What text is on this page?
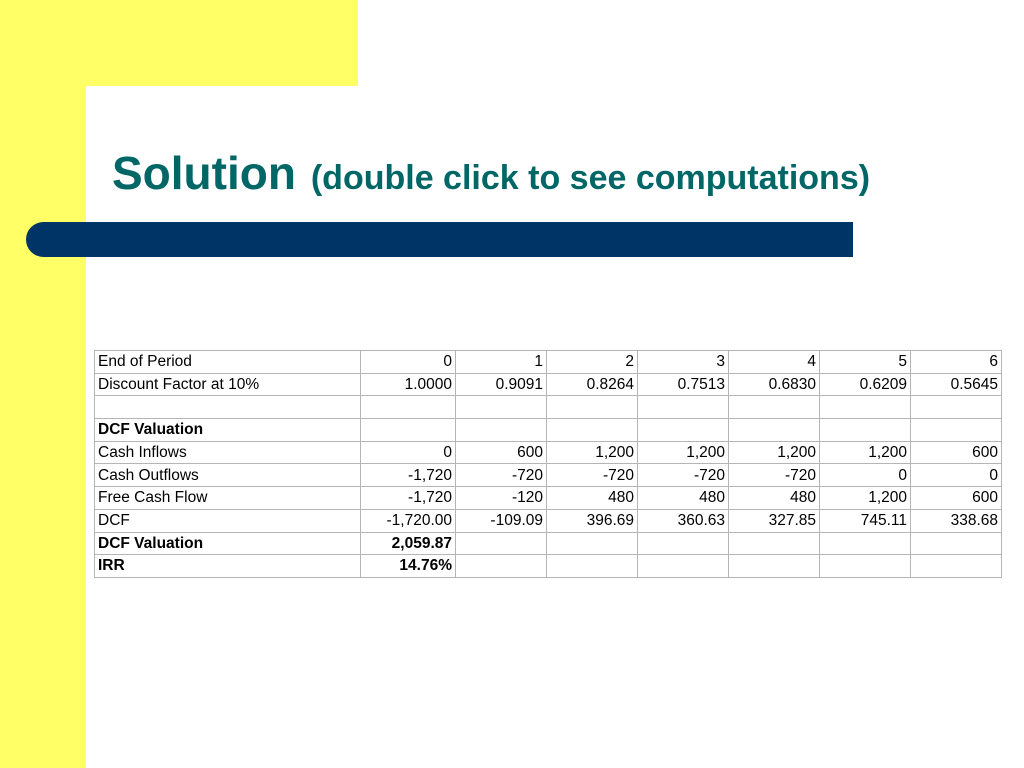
Solution (double click to see computations)
End of Period	0	1	2	3	4	5	6
Discount Factor at 10%	1.0000	0.9091	0.8264	0.7513	0.6830	0.6209	0.5645

DCF Valuation							
Cash Inflows	0	600	1,200	1,200	1,200	1,200	600
Cash Outflows	-1,720	-720	-720	-720	-720	0	0
Free Cash Flow	-1,720	-120	480	480	480	1,200	600
DCF	-1,720.00	-109.09	396.69	360.63	327.85	745.11	338.68
DCF Valuation	2,059.87						
IRR	14.76%						
